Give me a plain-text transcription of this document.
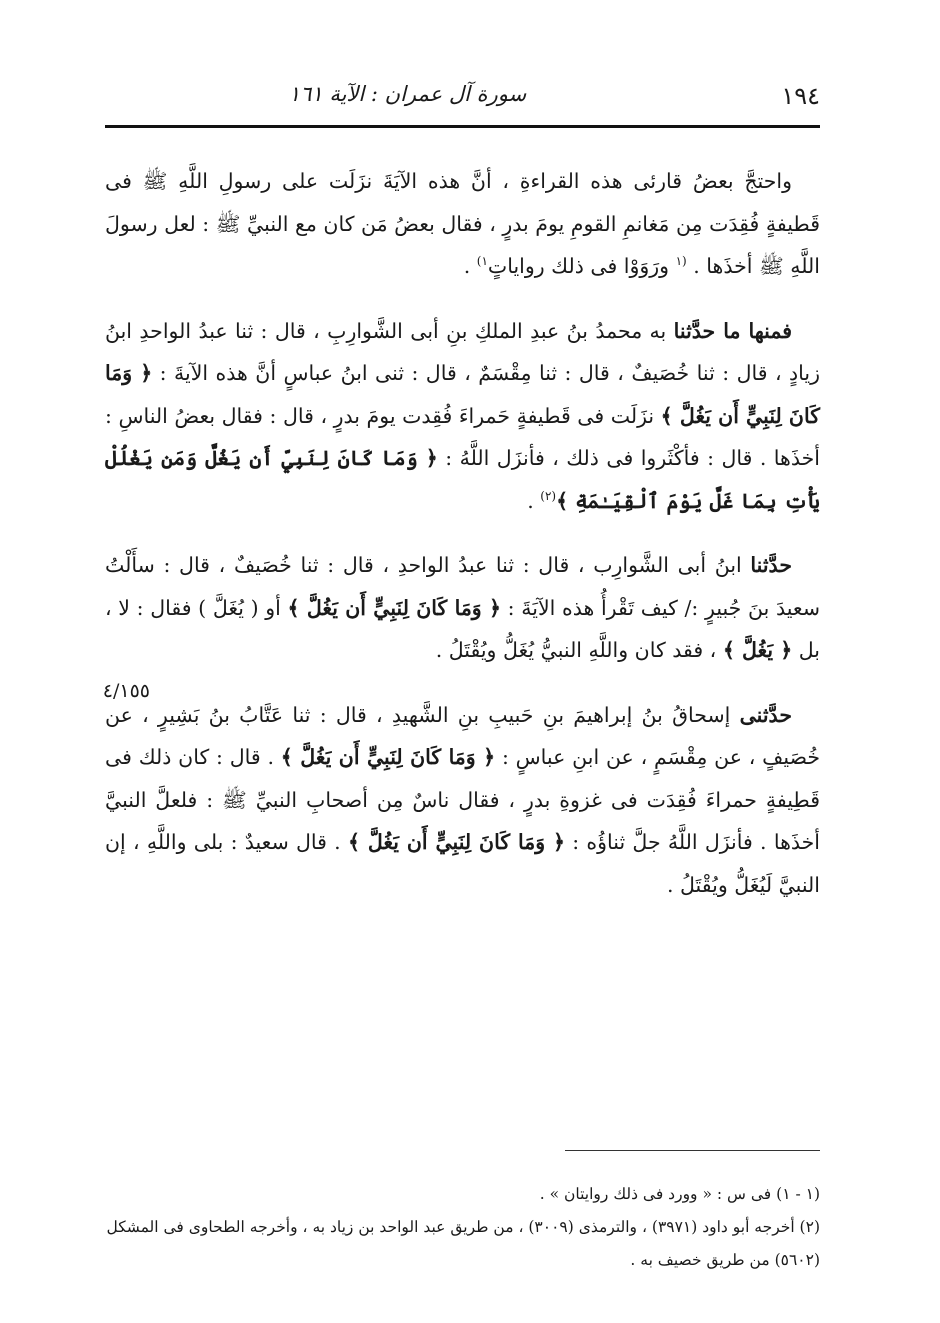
١٩٤
سورة آل عمران : الآية ١٦١

واحتجَّ بعضُ قارئى هذه القراءةِ ، أنَّ هذه الآيَةَ نزَلَت على رسولِ اللَّهِ ﷺ فى قَطيفةٍ فُقِدَت مِن مَغانمِ القومِ يومَ بدرٍ ، فقال بعضُ مَن كان مع النبيِّ ﷺ : لعل رسولَ اللَّهِ ﷺ أخذَها . $^{(١}$ ورَوَوْا فى ذلك رواياتٍ$^{١)}$ .

فمنها ما حدَّثنا به محمدُ بنُ عبدِ الملكِ بنِ أبى الشَّوارِبِ ، قال : ثنا عبدُ الواحدِ ابنُ زيادٍ ، قال : ثنا خُصَيفٌ ، قال : ثنا مِقْسَمٌ ، قال : ثنى ابنُ عباسٍ أنَّ هذه الآيةَ : ﴿ وَمَا كَانَ لِنَبِيٍّ أَن يَغُلَّ ﴾ نزَلَت فى قَطيفةٍ حَمراءَ فُقِدت يومَ بدرٍ ، قال : فقال بعضُ الناسِ : أخذَها . قال : فأكْثَروا فى ذلك ، فأنزَل اللَّهُ : ﴿ وَمَا كَانَ لِنَبِيٍّ أَن يَغُلَّ وَمَن يَغْلُلْ يَأْتِ بِمَا غَلَّ يَوْمَ ٱلْقِيَـٰمَةِ ﴾$^{(٢)}$ .

حدَّثنا ابنُ أبى الشَّوارِب ، قال : ثنا عبدُ الواحدِ ، قال : ثنا خُصَيفٌ ، قال : سأَلْتُ سعيدَ بنَ جُبيرٍ :/ كيف تَقْرأُ هذه الآيَةَ : ﴿ وَمَا كَانَ لِنَبِيٍّ أَن يَغُلَّ ﴾ أو ( يُغَلَّ ) فقال : لا ، بل ﴿ يَغُلَّ ﴾ ، فقد كان واللَّهِ النبيُّ يُغَلُّ ويُقْتَلُ .

حدَّثنى إسحاقُ بنُ إبراهيمَ بنِ حَبيبِ بنِ الشَّهيدِ ، قال : ثنا عَتَّابُ بنُ بَشِيرٍ ، عن خُصَيفٍ ، عن مِقْسَمٍ ، عن ابنِ عباسٍ : ﴿ وَمَا كَانَ لِنَبِيٍّ أَن يَغُلَّ ﴾ . قال : كان ذلك فى قَطِيفةٍ حمراءَ فُقِدَت فى غزوةِ بدرٍ ، فقال ناسٌ مِن أصحابِ النبيِّ ﷺ : فلعلَّ النبيَّ أخذَها . فأنزَل اللَّهُ جلَّ ثناؤُه : ﴿ وَمَا كَانَ لِنَبِيٍّ أَن يَغُلَّ ﴾ . قال سعيدٌ : بلى واللَّهِ ، إن النبيَّ لَيُغَلُّ ويُقْتَلُ .

٤/١٥٥

(١ - ١) فى س : « وورد فى ذلك روايتان » .

(٢) أخرجه أبو داود (٣٩٧١) ، والترمذى (٣٠٠٩) ، من طريق عبد الواحد بن زياد به ، وأخرجه الطحاوى فى المشكل (٥٦٠٢) من طريق خصيف به .
